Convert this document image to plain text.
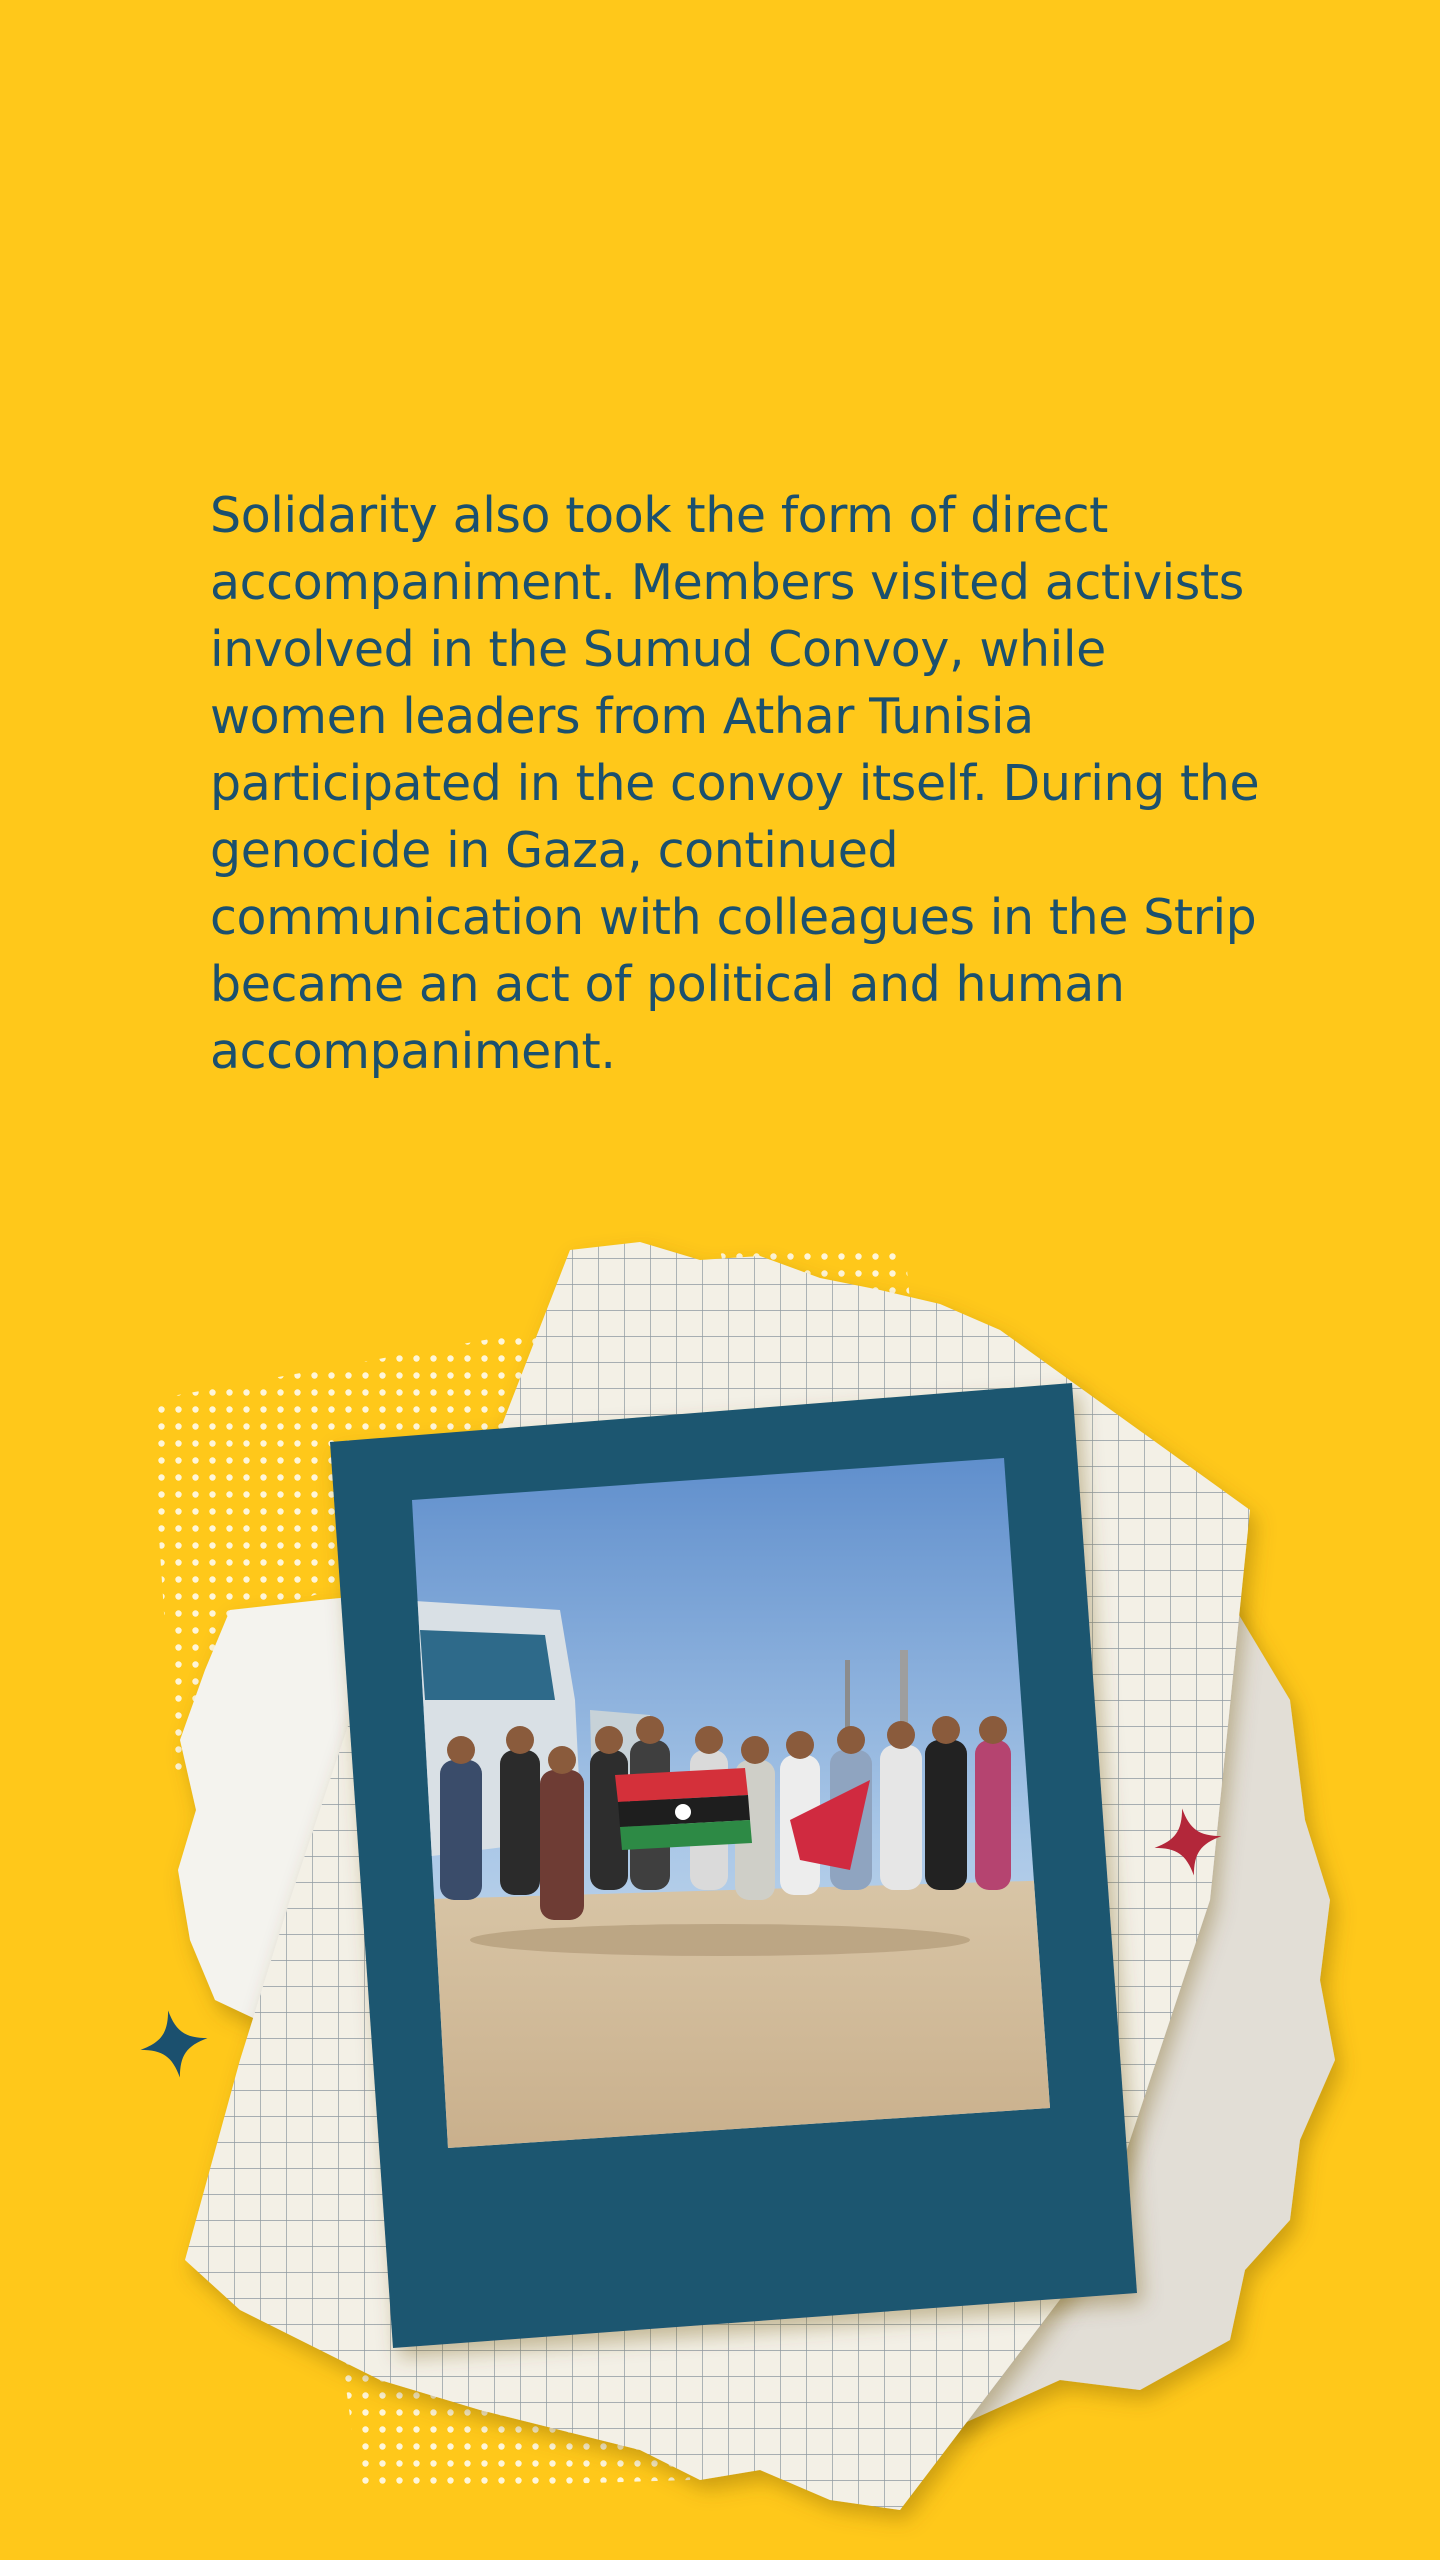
Solidarity also took the form of direct accompaniment. Members visited activists involved in the Sumud Convoy, while women leaders from Athar Tunisia participated in the convoy itself. During the genocide in Gaza, continued communication with colleagues in the Strip became an act of political and human accompaniment.
